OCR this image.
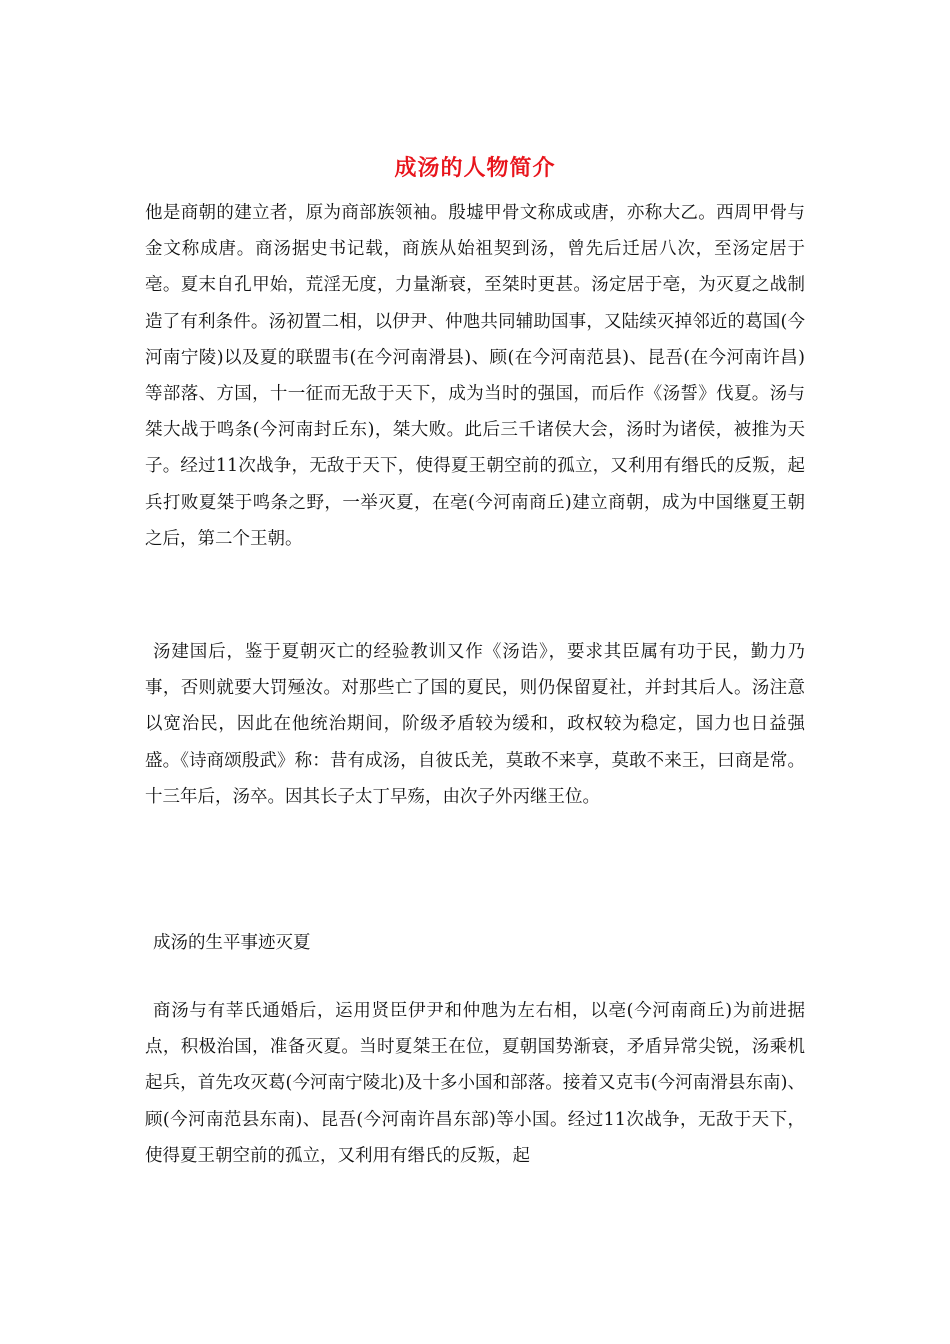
成汤的人物简介
他是商朝的建立者，原为商部族领袖。殷墟甲骨文称成或唐，亦称大乙。西周甲骨与金文称成唐。商汤据史书记载，商族从始祖契到汤，曾先后迁居八次，至汤定居于亳。夏末自孔甲始，荒淫无度，力量渐衰，至桀时更甚。汤定居于亳，为灭夏之战制造了有利条件。汤初置二相，以伊尹、仲虺共同辅助国事，又陆续灭掉邻近的葛国(今河南宁陵)以及夏的联盟韦(在今河南滑县)、顾(在今河南范县)、昆吾(在今河南许昌)等部落、方国，十一征而无敌于天下，成为当时的强国，而后作《汤誓》伐夏。汤与桀大战于鸣条(今河南封丘东)，桀大败。此后三千诸侯大会，汤时为诸侯，被推为天子。经过11次战争，无敌于天下，使得夏王朝空前的孤立，又利用有缗氏的反叛，起兵打败夏桀于鸣条之野，一举灭夏，在亳(今河南商丘)建立商朝，成为中国继夏王朝之后，第二个王朝。
汤建国后，鉴于夏朝灭亡的经验教训又作《汤诰》，要求其臣属有功于民，勤力乃事，否则就要大罚殛汝。对那些亡了国的夏民，则仍保留夏社，并封其后人。汤注意以宽治民，因此在他统治期间，阶级矛盾较为缓和，政权较为稳定，国力也日益强盛。《诗商颂殷武》称：昔有成汤，自彼氐羌，莫敢不来享，莫敢不来王，曰商是常。十三年后，汤卒。因其长子太丁早殇，由次子外丙继王位。
成汤的生平事迹灭夏
商汤与有莘氏通婚后，运用贤臣伊尹和仲虺为左右相，以亳(今河南商丘)为前进据点，积极治国，准备灭夏。当时夏桀王在位，夏朝国势渐衰，矛盾异常尖锐，汤乘机起兵，首先攻灭葛(今河南宁陵北)及十多小国和部落。接着又克韦(今河南滑县东南)、顾(今河南范县东南)、昆吾(今河南许昌东部)等小国。经过11次战争，无敌于天下，使得夏王朝空前的孤立，又利用有缗氏的反叛，起
